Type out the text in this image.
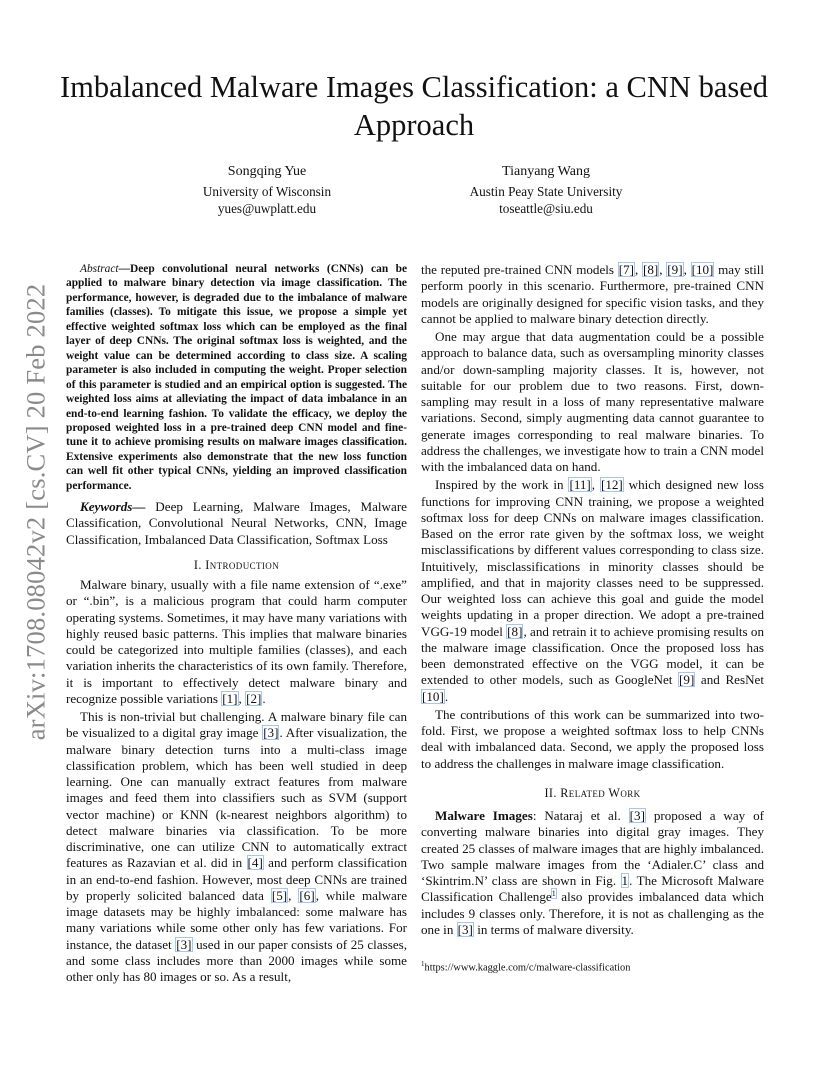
arXiv:1708.08042v2 [cs.CV] 20 Feb 2022
Imbalanced Malware Images Classification: a CNN based Approach
Songqing Yue
University of Wisconsin
yues@uwplatt.edu
Tianyang Wang
Austin Peay State University
toseattle@siu.edu

Abstract—Deep convolutional neural networks (CNNs) can be applied to malware binary detection via image classification. The performance, however, is degraded due to the imbalance of malware families (classes). To mitigate this issue, we propose a simple yet effective weighted softmax loss which can be employed as the final layer of deep CNNs. The original softmax loss is weighted, and the weight value can be determined according to class size. A scaling parameter is also included in computing the weight. Proper selection of this parameter is studied and an empirical option is suggested. The weighted loss aims at alleviating the impact of data imbalance in an end-to-end learning fashion. To validate the efficacy, we deploy the proposed weighted loss in a pre-trained deep CNN model and fine-tune it to achieve promising results on malware images classification. Extensive experiments also demonstrate that the new loss function can well fit other typical CNNs, yielding an improved classification performance.

Keywords— Deep Learning, Malware Images, Malware Classification, Convolutional Neural Networks, CNN, Image Classification, Imbalanced Data Classification, Softmax Loss

I. Introduction

Malware binary, usually with a file name extension of “.exe” or “.bin”, is a malicious program that could harm computer operating systems. Sometimes, it may have many variations with highly reused basic patterns. This implies that malware binaries could be categorized into multiple families (classes), and each variation inherits the characteristics of its own family. Therefore, it is important to effectively detect malware binary and recognize possible variations [1], [2].

This is non-trivial but challenging. A malware binary file can be visualized to a digital gray image [3]. After visualization, the malware binary detection turns into a multi-class image classification problem, which has been well studied in deep learning. One can manually extract features from malware images and feed them into classifiers such as SVM (support vector machine) or KNN (k-nearest neighbors algorithm) to detect malware binaries via classification. To be more discriminative, one can utilize CNN to automatically extract features as Razavian et al. did in [4] and perform classification in an end-to-end fashion. However, most deep CNNs are trained by properly solicited balanced data [5], [6], while malware image datasets may be highly imbalanced: some malware has many variations while some other only has few variations. For instance, the dataset [3] used in our paper consists of 25 classes, and some class includes more than 2000 images while some other only has 80 images or so. As a result,

the reputed pre-trained CNN models [7], [8], [9], [10] may still perform poorly in this scenario. Furthermore, pre-trained CNN models are originally designed for specific vision tasks, and they cannot be applied to malware binary detection directly.

One may argue that data augmentation could be a possible approach to balance data, such as oversampling minority classes and/or down-sampling majority classes. It is, however, not suitable for our problem due to two reasons. First, down-sampling may result in a loss of many representative malware variations. Second, simply augmenting data cannot guarantee to generate images corresponding to real malware binaries. To address the challenges, we investigate how to train a CNN model with the imbalanced data on hand.

Inspired by the work in [11], [12] which designed new loss functions for improving CNN training, we propose a weighted softmax loss for deep CNNs on malware images classification. Based on the error rate given by the softmax loss, we weight misclassifications by different values corresponding to class size. Intuitively, misclassifications in minority classes should be amplified, and that in majority classes need to be suppressed. Our weighted loss can achieve this goal and guide the model weights updating in a proper direction. We adopt a pre-trained VGG-19 model [8], and retrain it to achieve promising results on the malware image classification. Once the proposed loss has been demonstrated effective on the VGG model, it can be extended to other models, such as GoogleNet [9] and ResNet [10].

The contributions of this work can be summarized into two-fold. First, we propose a weighted softmax loss to help CNNs deal with imbalanced data. Second, we apply the proposed loss to address the challenges in malware image classification.

II. Related Work

Malware Images: Nataraj et al. [3] proposed a way of converting malware binaries into digital gray images. They created 25 classes of malware images that are highly imbalanced. Two sample malware images from the ‘Adialer.C’ class and ‘Skintrim.N’ class are shown in Fig. 1. The Microsoft Malware Classification Challenge$^1$ also provides imbalanced data which includes 9 classes only. Therefore, it is not as challenging as the one in [3] in terms of malware diversity.

$^1$https://www.kaggle.com/c/malware-classification
